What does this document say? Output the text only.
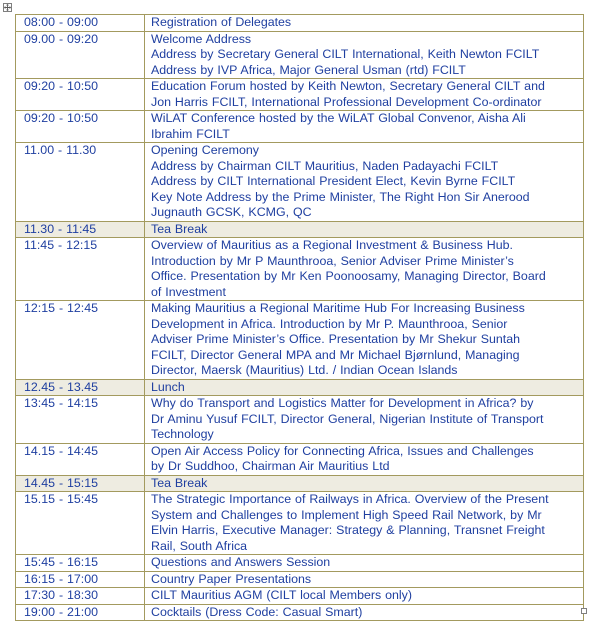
08:00 - 09:00	Registration of Delegates

09.00 - 09:20	Welcome Address
Address by Secretary General CILT International, Keith Newton FCILT
Address by IVP Africa, Major General Usman (rtd) FCILT

09:20 - 10:50	Education Forum hosted by Keith Newton, Secretary General CILT and
Jon Harris FCILT, International Professional Development Co-ordinator

09:20 - 10:50	WiLAT Conference hosted by the WiLAT Global Convenor, Aisha Ali
Ibrahim FCILT

11.00 - 11.30	Opening Ceremony
Address by Chairman CILT Mauritius, Naden Padayachi FCILT
Address by CILT International President Elect, Kevin Byrne FCILT
Key Note Address by the Prime Minister, The Right Hon Sir Anerood
Jugnauth GCSK, KCMG, QC

11.30 - 11:45	Tea Break

11:45 - 12:15	Overview of Mauritius as a Regional Investment & Business Hub.
Introduction by Mr P Maunthrooa, Senior Adviser Prime Minister’s
Office. Presentation by Mr Ken Poonoosamy, Managing Director, Board
of Investment

12:15 - 12:45	Making Mauritius a Regional Maritime Hub For Increasing Business
Development in Africa. Introduction by Mr P. Maunthrooa, Senior
Adviser Prime Minister’s Office. Presentation by Mr Shekur Suntah
FCILT, Director General MPA and Mr Michael Bjørnlund, Managing
Director, Maersk (Mauritius) Ltd. / Indian Ocean Islands

12.45 - 13.45	Lunch

13:45 - 14:15	Why do Transport and Logistics Matter for Development in Africa? by
Dr Aminu Yusuf FCILT, Director General, Nigerian Institute of Transport
Technology

14.15 - 14:45	Open Air Access Policy for Connecting Africa, Issues and Challenges
by Dr Suddhoo, Chairman Air Mauritius Ltd

14.45 - 15:15	Tea Break

15.15 - 15:45	The Strategic Importance of Railways in Africa. Overview of the Present
System and Challenges to Implement High Speed Rail Network, by Mr
Elvin Harris, Executive Manager: Strategy & Planning, Transnet Freight
Rail, South Africa

15:45 - 16:15	Questions and Answers Session

16:15 - 17:00	Country Paper Presentations

17:30 - 18:30	CILT Mauritius AGM (CILT local Members only)

19:00 - 21:00	Cocktails (Dress Code: Casual Smart)
